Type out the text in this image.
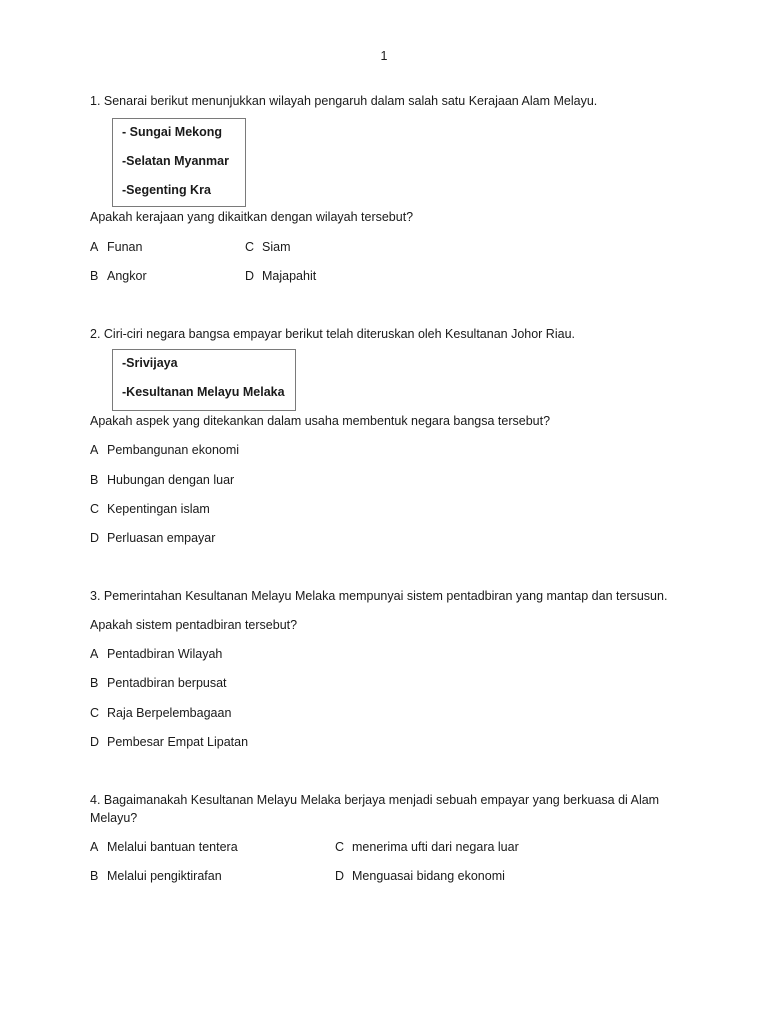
1
1. Senarai berikut menunjukkan wilayah pengaruh dalam salah satu Kerajaan Alam Melayu.
- Sungai Mekong
-Selatan Myanmar
-Segenting Kra
Apakah kerajaan yang dikaitkan dengan wilayah tersebut?
A Funan
B Angkor
C Siam
D Majapahit
2. Ciri-ciri negara bangsa empayar berikut telah diteruskan oleh Kesultanan Johor Riau.
-Srivijaya
-Kesultanan Melayu Melaka
Apakah aspek yang ditekankan dalam usaha membentuk negara bangsa tersebut?
A Pembangunan ekonomi
B Hubungan dengan luar
C Kepentingan islam
D Perluasan empayar
3. Pemerintahan Kesultanan Melayu Melaka mempunyai sistem pentadbiran yang mantap dan tersusun.
Apakah sistem pentadbiran tersebut?
A Pentadbiran Wilayah
B Pentadbiran berpusat
C Raja Berpelembagaan
D Pembesar Empat Lipatan
4. Bagaimanakah Kesultanan Melayu Melaka berjaya menjadi sebuah empayar yang berkuasa di Alam
Melayu?
A Melalui bantuan tentera
B Melalui pengiktirafan
C menerima ufti dari negara luar
D Menguasai bidang ekonomi
